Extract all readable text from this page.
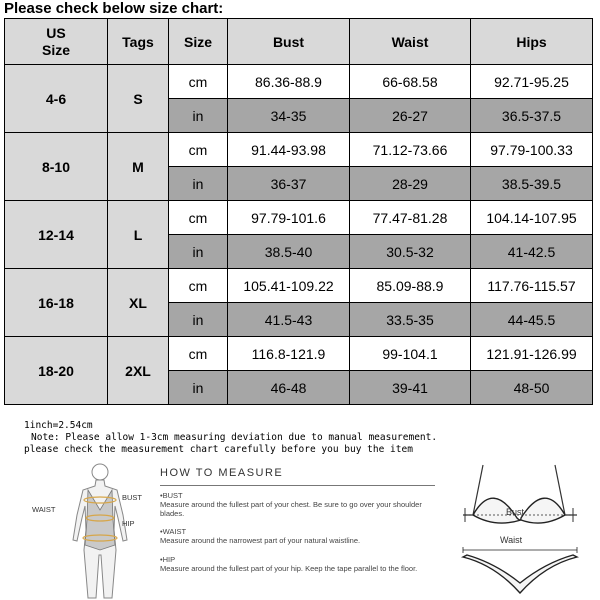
Please check below size chart:
US
Size	Tags	Size	Bust	Waist	Hips
4-6	S	cm	86.36-88.9	66-68.58	92.71-95.25
		in	34-35	26-27	36.5-37.5
8-10	M	cm	91.44-93.98	71.12-73.66	97.79-100.33
		in	36-37	28-29	38.5-39.5
12-14	L	cm	97.79-101.6	77.47-81.28	104.14-107.95
		in	38.5-40	30.5-32	41-42.5
16-18	XL	cm	105.41-109.22	85.09-88.9	117.76-115.57
		in	41.5-43	33.5-35	44-45.5
18-20	2XL	cm	116.8-121.9	99-104.1	121.91-126.99
		in	46-48	39-41	48-50
1inch=2.54cm
Note: Please allow 1-3cm measuring deviation due to manual measurement.
please check the measurement chart carefully before you buy the item
WAIST
BUST
HIP
HOW TO MEASURE
•BUST
Measure around the fullest part of your chest. Be sure to go over your shoulder blades.
•WAIST
Measure around the narrowest part of your natural waistline.
•HIP
Measure around the fullest part of your hip. Keep the tape parallel to the floor.
Bust
Waist
